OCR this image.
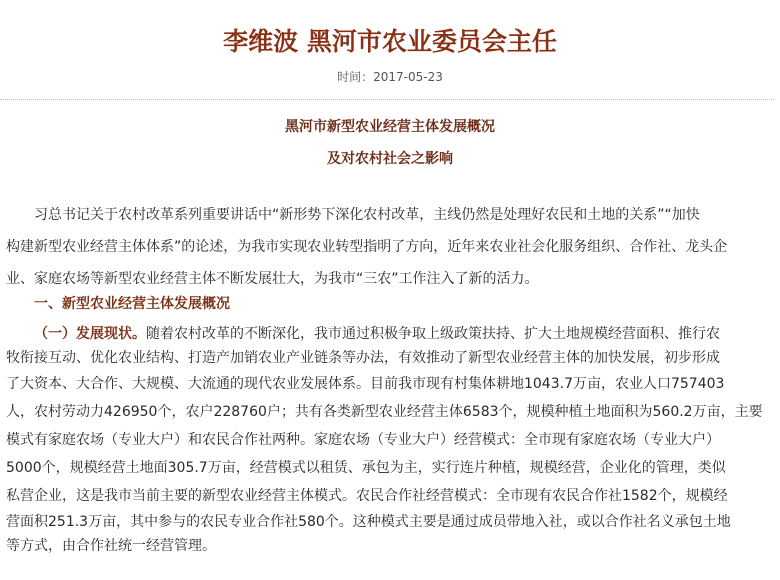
李维波 黑河市农业委员会主任
时间：2017-05-23
黑河市新型农业经营主体发展概况
及对农村社会之影响
习总书记关于农村改革系列重要讲话中“新形势下深化农村改革，主线仍然是处理好农民和土地的关系”“加快
构建新型农业经营主体体系”的论述，为我市实现农业转型指明了方向，近年来农业社会化服务组织、合作社、龙头企
业、家庭农场等新型农业经营主体不断发展壮大，为我市“三农”工作注入了新的活力。
一、新型农业经营主体发展概况
（一）发展现状。随着农村改革的不断深化，我市通过积极争取上级政策扶持、扩大土地规模经营面积、推行农
牧衔接互动、优化农业结构、打造产加销农业产业链条等办法，有效推动了新型农业经营主体的加快发展，初步形成
了大资本、大合作、大规模、大流通的现代农业发展体系。目前我市现有村集体耕地1043.7万亩，农业人口757403
人，农村劳动力426950个，农户228760户；共有各类新型农业经营主体6583个，规模种植土地面积为560.2万亩，主要
模式有家庭农场（专业大户）和农民合作社两种。家庭农场（专业大户）经营模式：全市现有家庭农场（专业大户）
5000个，规模经营土地面305.7万亩，经营模式以租赁、承包为主，实行连片种植，规模经营，企业化的管理，类似
私营企业，这是我市当前主要的新型农业经营主体模式。农民合作社经营模式：全市现有农民合作社1582个，规模经
营面积251.3万亩，其中参与的农民专业合作社580个。这种模式主要是通过成员带地入社，或以合作社名义承包土地
等方式，由合作社统一经营管理。
